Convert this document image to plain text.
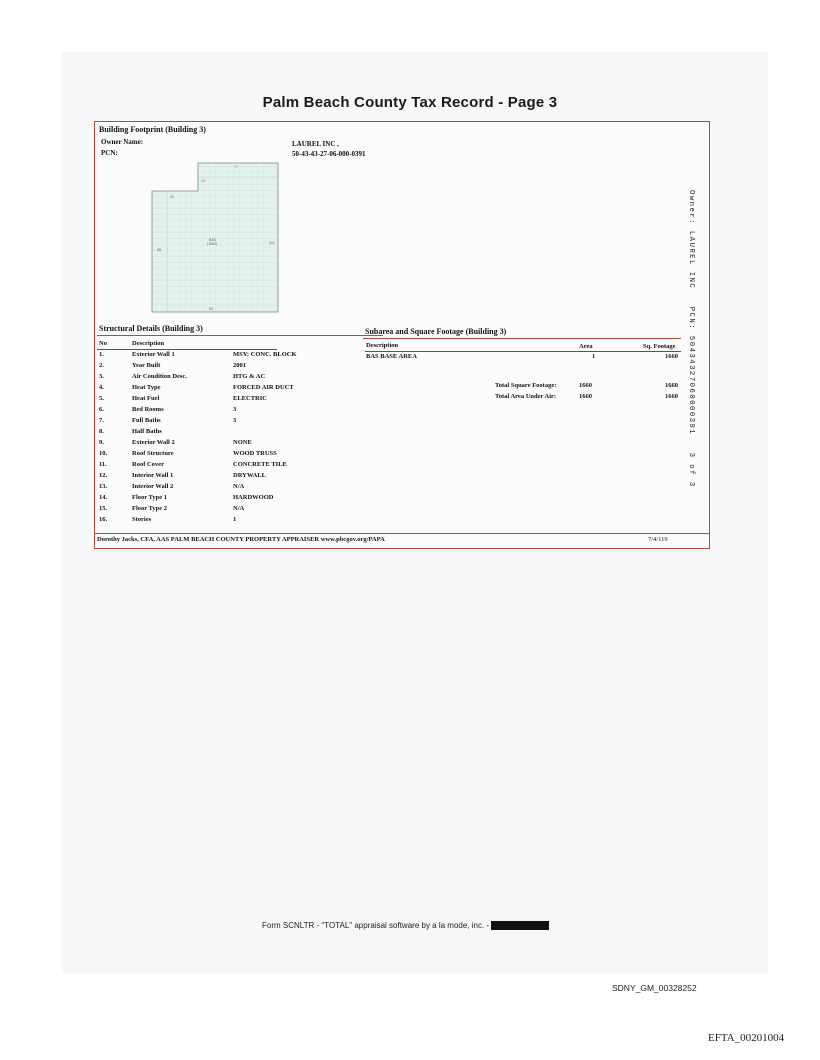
Palm Beach County Tax Record - Page 3
Building Footprint (Building 3)
Owner Name:
PCN:
LAUREL INC ,
50-43-43-27-06-000-0391
77
11
13
BAS
(1660)	101
88
90
Structural Details (Building 3)
No	Description
1.	Exterior Wall 1	MSY: CONC. BLOCK
2.	Year Built	2001
3.	Air Condition Desc.	HTG & AC
4.	Heat Type	FORCED AIR DUCT
5.	Heat Fuel	ELECTRIC
6.	Bed Rooms	3
7.	Full Baths	3
8.	Half Baths
9.	Exterior Wall 2	NONE
10.	Roof Structure	WOOD TRUSS
11.	Roof Cover	CONCRETE TILE
12.	Interior Wall 1	DRYWALL
13.	Interior Wall 2	N/A
14.	Floor Type 1	HARDWOOD
15.	Floor Type 2	N/A
16.	Stories	1
Subarea and Square Footage (Building 3)
Description	Area	Sq. Footage
BAS BASE AREA	1	1660
Total Square Footage:	1660	1660
Total Area Under Air:	1660	1660
Owner: LAUREL INC   PCN: 50434327060000391   3 of 3
Dorothy Jacks, CFA, AAS PALM BEACH COUNTY PROPERTY APPRAISER www.pbcgov.org/PAPA	7/4/119
Form SCNLTR - "TOTAL" appraisal software by a la mode, inc. -
SDNY_GM_00328252
EFTA_00201004
